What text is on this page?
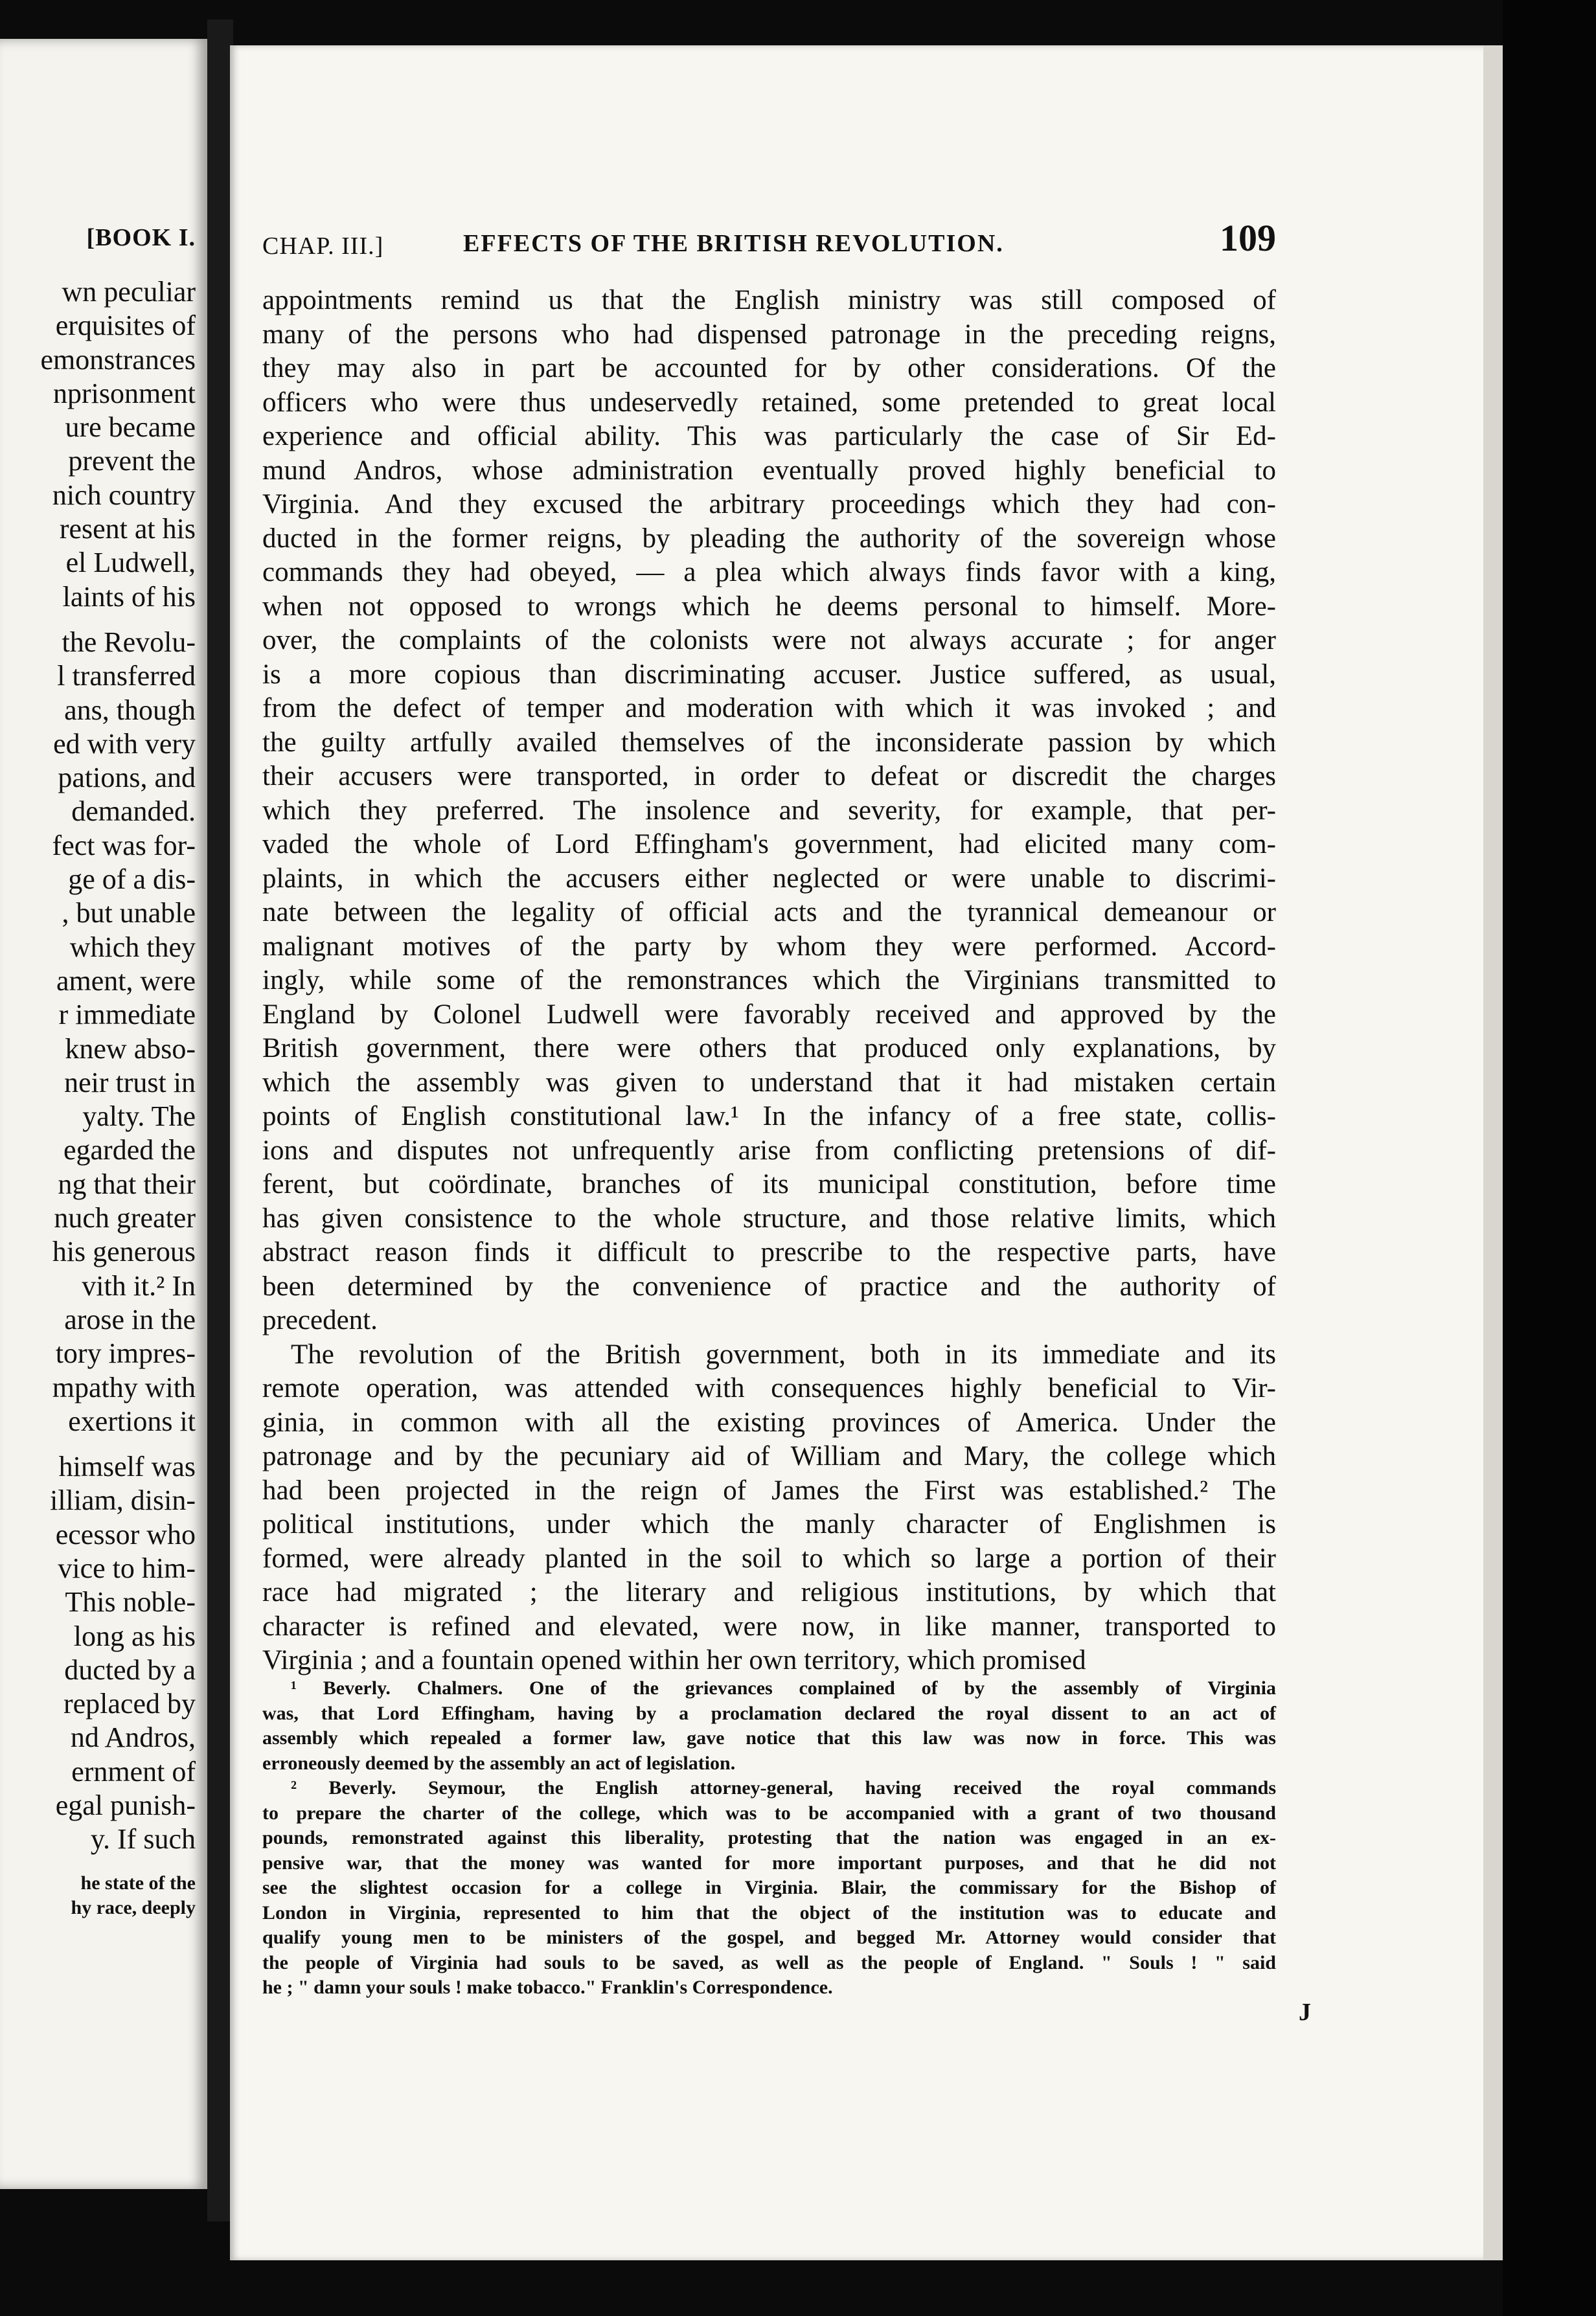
[BOOK I.
wn peculiar
erquisites of
emonstrances
nprisonment
ure became
prevent the
nich country
resent at his
el Ludwell,
laints of his
the Revolu-
l transferred
ans, though
ed with very
pations, and
demanded.
fect was for-
ge of a dis-
, but unable
which they
ament, were
r immediate
knew abso-
neir trust in
yalty. The
egarded the
ng that their
nuch greater
his generous
vith it.² In
arose in the
tory impres-
mpathy with
exertions it
himself was
illiam, disin-
ecessor who
vice to him-
This noble-
long as his
ducted by a
replaced by
nd Andros,
ernment of
egal punish-
y. If such
he state of the
hy race, deeply
CHAP. III.]	EFFECTS OF THE BRITISH REVOLUTION.	109
appointments remind us that the English ministry was still composed of
many of the persons who had dispensed patronage in the preceding reigns,
they may also in part be accounted for by other considerations. Of the
officers who were thus undeservedly retained, some pretended to great local
experience and official ability. This was particularly the case of Sir Ed-
mund Andros, whose administration eventually proved highly beneficial to
Virginia. And they excused the arbitrary proceedings which they had con-
ducted in the former reigns, by pleading the authority of the sovereign whose
commands they had obeyed, — a plea which always finds favor with a king,
when not opposed to wrongs which he deems personal to himself. More-
over, the complaints of the colonists were not always accurate ; for anger
is a more copious than discriminating accuser. Justice suffered, as usual,
from the defect of temper and moderation with which it was invoked ; and
the guilty artfully availed themselves of the inconsiderate passion by which
their accusers were transported, in order to defeat or discredit the charges
which they preferred. The insolence and severity, for example, that per-
vaded the whole of Lord Effingham's government, had elicited many com-
plaints, in which the accusers either neglected or were unable to discrimi-
nate between the legality of official acts and the tyrannical demeanour or
malignant motives of the party by whom they were performed. Accord-
ingly, while some of the remonstrances which the Virginians transmitted to
England by Colonel Ludwell were favorably received and approved by the
British government, there were others that produced only explanations, by
which the assembly was given to understand that it had mistaken certain
points of English constitutional law.¹ In the infancy of a free state, collis-
ions and disputes not unfrequently arise from conflicting pretensions of dif-
ferent, but coördinate, branches of its municipal constitution, before time
has given consistence to the whole structure, and those relative limits, which
abstract reason finds it difficult to prescribe to the respective parts, have
been determined by the convenience of practice and the authority of
precedent.
The revolution of the British government, both in its immediate and its
remote operation, was attended with consequences highly beneficial to Vir-
ginia, in common with all the existing provinces of America. Under the
patronage and by the pecuniary aid of William and Mary, the college which
had been projected in the reign of James the First was established.² The
political institutions, under which the manly character of Englishmen is
formed, were already planted in the soil to which so large a portion of their
race had migrated ; the literary and religious institutions, by which that
character is refined and elevated, were now, in like manner, transported to
Virginia ; and a fountain opened within her own territory, which promised
¹ Beverly. Chalmers. One of the grievances complained of by the assembly of Virginia
was, that Lord Effingham, having by a proclamation declared the royal dissent to an act of
assembly which repealed a former law, gave notice that this law was now in force. This was
erroneously deemed by the assembly an act of legislation.
² Beverly. Seymour, the English attorney-general, having received the royal commands
to prepare the charter of the college, which was to be accompanied with a grant of two thousand
pounds, remonstrated against this liberality, protesting that the nation was engaged in an ex-
pensive war, that the money was wanted for more important purposes, and that he did not
see the slightest occasion for a college in Virginia. Blair, the commissary for the Bishop of
London in Virginia, represented to him that the object of the institution was to educate and
qualify young men to be ministers of the gospel, and begged Mr. Attorney would consider that
the people of Virginia had souls to be saved, as well as the people of England. " Souls ! " said
he ; " damn your souls ! make tobacco." Franklin's Correspondence.
J
